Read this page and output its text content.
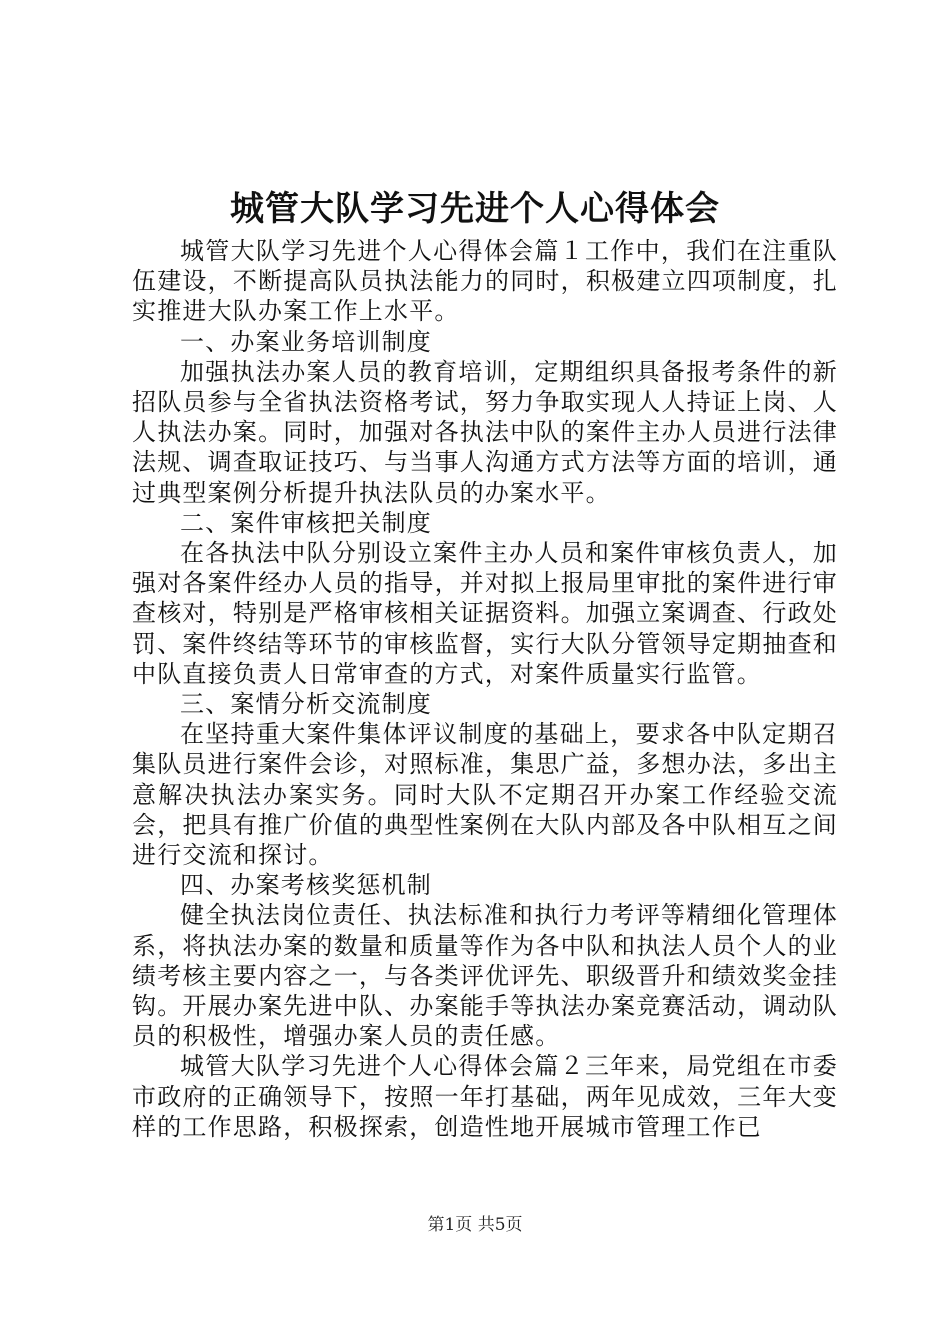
城管大队学习先进个人心得体会

城管大队学习先进个人心得体会篇１工作中，我们在注重队伍建设，不断提高队员执法能力的同时，积极建立四项制度，扎实推进大队办案工作上水平。

一、办案业务培训制度

加强执法办案人员的教育培训，定期组织具备报考条件的新招队员参与全省执法资格考试，努力争取实现人人持证上岗、人人执法办案。同时，加强对各执法中队的案件主办人员进行法律法规、调查取证技巧、与当事人沟通方式方法等方面的培训，通过典型案例分析提升执法队员的办案水平。

二、案件审核把关制度

在各执法中队分别设立案件主办人员和案件审核负责人，加强对各案件经办人员的指导，并对拟上报局里审批的案件进行审查核对，特别是严格审核相关证据资料。加强立案调查、行政处罚、案件终结等环节的审核监督，实行大队分管领导定期抽查和中队直接负责人日常审查的方式，对案件质量实行监管。

三、案情分析交流制度

在坚持重大案件集体评议制度的基础上，要求各中队定期召集队员进行案件会诊，对照标准，集思广益，多想办法，多出主意解决执法办案实务。同时大队不定期召开办案工作经验交流会，把具有推广价值的典型性案例在大队内部及各中队相互之间进行交流和探讨。

四、办案考核奖惩机制

健全执法岗位责任、执法标准和执行力考评等精细化管理体系，将执法办案的数量和质量等作为各中队和执法人员个人的业绩考核主要内容之一，与各类评优评先、职级晋升和绩效奖金挂钩。开展办案先进中队、办案能手等执法办案竞赛活动，调动队员的积极性，增强办案人员的责任感。

城管大队学习先进个人心得体会篇２三年来，局党组在市委市政府的正确领导下，按照一年打基础，两年见成效，三年大变样的工作思路，积极探索，创造性地开展城市管理工作已

第1页 共5页
